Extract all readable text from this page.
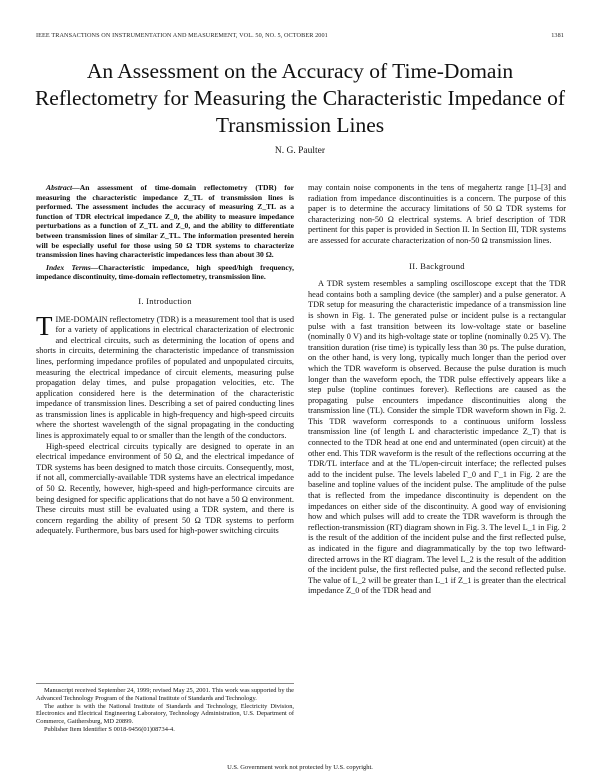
IEEE TRANSACTIONS ON INSTRUMENTATION AND MEASUREMENT, VOL. 50, NO. 5, OCTOBER 2001	1381
An Assessment on the Accuracy of Time-Domain Reflectometry for Measuring the Characteristic Impedance of Transmission Lines
N. G. Paulter

Abstract—An assessment of time-domain reflectometry (TDR) for measuring the characteristic impedance Z_TL of transmission lines is performed. The assessment includes the accuracy of measuring Z_TL as a function of TDR electrical impedance Z_0, the ability to measure impedance perturbations as a function of Z_TL and Z_0, and the ability to differentiate between transmission lines of similar Z_TL. The information presented herein will be especially useful for those using 50 Ω TDR systems to characterize transmission lines having characteristic impedances less than about 30 Ω.

Index Terms—Characteristic impedance, high speed/high frequency, impedance discontinuity, time-domain reflectometry, transmission line.

I. Introduction

TIME-DOMAIN reflectometry (TDR) is a measurement tool that is used for a variety of applications in electrical characterization of electronic and electrical circuits, such as determining the location of opens and shorts in circuits, determining the characteristic impedance of transmission lines, performing impedance profiles of populated and unpopulated circuits, measuring the electrical impedance of circuit elements, measuring pulse propagation delay times, and pulse propagation velocities, etc. The application considered here is the determination of the characteristic impedance of transmission lines. Describing a set of paired conducting lines as transmission lines is applicable in high-frequency and high-speed circuits where the shortest wavelength of the signal propagating in the conducting lines is approximately equal to or smaller than the length of the conductors.

High-speed electrical circuits typically are designed to operate in an electrical impedance environment of 50 Ω, and the electrical impedance of TDR systems has been designed to match those circuits. Consequently, most, if not all, commercially-available TDR systems have an electrical impedance of 50 Ω. Recently, however, high-speed and high-performance circuits are being designed for specific applications that do not have a 50 Ω environment. These circuits must still be evaluated using a TDR system, and there is concern regarding the ability of present 50 Ω TDR systems to perform adequately. Furthermore, bus bars used for high-power switching circuits

may contain noise components in the tens of megahertz range [1]–[3] and radiation from impedance discontinuities is a concern. The purpose of this paper is to determine the accuracy limitations of 50 Ω TDR systems for characterizing non-50 Ω electrical systems. A brief description of TDR pertinent for this paper is provided in Section II. In Section III, TDR systems are assessed for accurate characterization of non-50 Ω transmission lines.

II. Background

A TDR system resembles a sampling oscilloscope except that the TDR head contains both a sampling device (the sampler) and a pulse generator. A TDR setup for measuring the characteristic impedance of a transmission line is shown in Fig. 1. The generated pulse or incident pulse is a rectangular pulse with a fast transition between its low-voltage state or baseline (nominally 0 V) and its high-voltage state or topline (nominally 0.25 V). The transition duration (rise time) is typically less than 30 ps. The pulse duration, on the other hand, is very long, typically much longer than the period over which the TDR waveform is observed. Because the pulse duration is much longer than the waveform epoch, the TDR pulse effectively appears like a step pulse (topline continues forever). Reflections are caused as the propagating pulse encounters impedance discontinuities along the transmission line (TL). Consider the simple TDR waveform shown in Fig. 2. This TDR waveform corresponds to a continuous uniform lossless transmission line (of length L and characteristic impedance Z_T) that is connected to the TDR head at one end and unterminated (open circuit) at the other end. This TDR waveform is the result of the reflections occurring at the TDR/TL interface and at the TL/open-circuit interface; the reflected pulses add to the incident pulse. The levels labeled Γ_0 and Γ_1 in Fig. 2 are the baseline and topline values of the incident pulse. The amplitude of the pulse that is reflected from the impedance discontinuity is dependent on the impedances on either side of the discontinuity. A good way of envisioning how and which pulses will add to create the TDR waveform is through the reflection-transmission (RT) diagram shown in Fig. 3. The level L_1 in Fig. 2 is the result of the addition of the incident pulse and the first reflected pulse, as indicated in the figure and diagrammatically by the top two leftward-directed arrows in the RT diagram. The level L_2 is the result of the addition of the incident pulse, the first reflected pulse, and the second reflected pulse. The value of L_2 will be greater than L_1 if Z_1 is greater than the electrical impedance Z_0 of the TDR head and

Manuscript received September 24, 1999; revised May 25, 2001. This work was supported by the Advanced Technology Program of the National Institute of Standards and Technology.

The author is with the National Institute of Standards and Technology, Electricity Division, Electronics and Electrical Engineering Laboratory, Technology Administration, U.S. Department of Commerce, Gaithersburg, MD 20899.

Publisher Item Identifier S 0018-9456(01)08734-4.

U.S. Government work not protected by U.S. copyright.
